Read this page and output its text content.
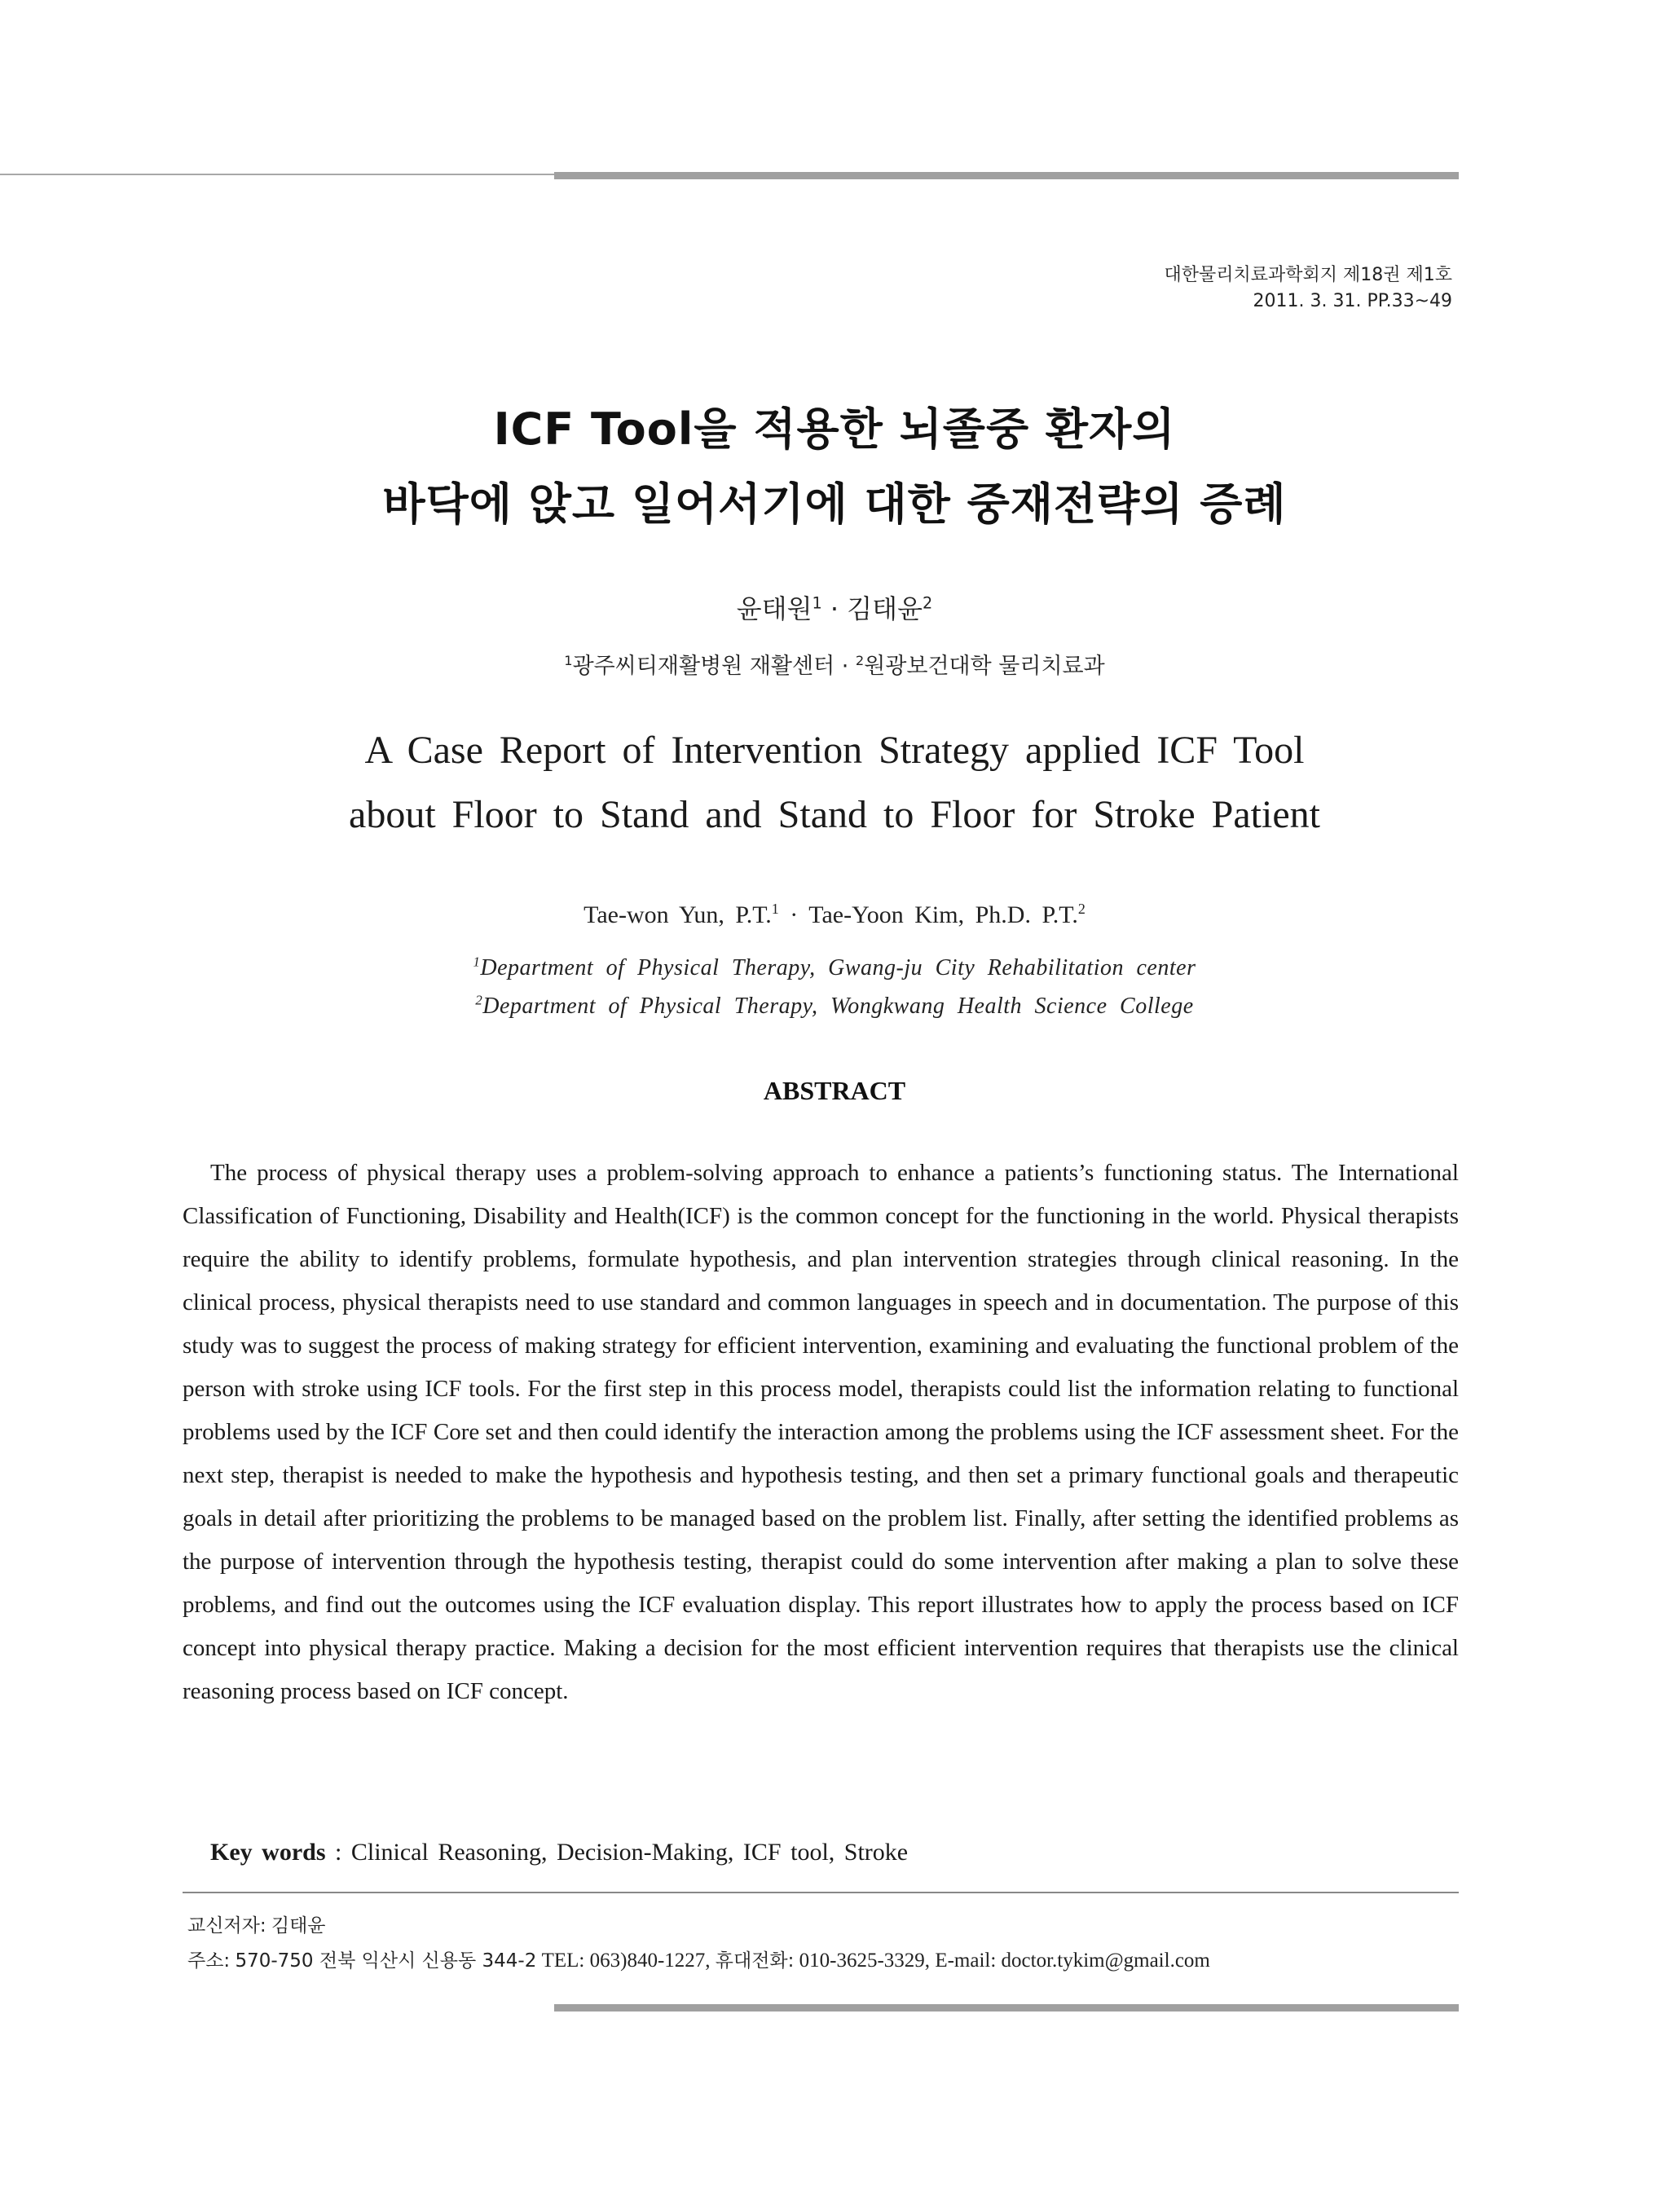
대한물리치료과학회지 제18권 제1호
2011. 3. 31. PP.33~49
ICF Tool을 적용한 뇌졸중 환자의
바닥에 앉고 일어서기에 대한 중재전략의 증례
윤태원$^1$ · 김태윤$^2$
$^1$광주씨티재활병원 재활센터 · $^2$원광보건대학 물리치료과
A Case Report of Intervention Strategy applied ICF Tool
about Floor to Stand and Stand to Floor for Stroke Patient
Tae-won Yun, P.T.$^1$ · Tae-Yoon Kim, Ph.D. P.T.$^2$
$^1$Department of Physical Therapy, Gwang-ju City Rehabilitation center
$^2$Department of Physical Therapy, Wongkwang Health Science College
ABSTRACT

The process of physical therapy uses a problem-solving approach to enhance a patients’s functioning status. The International Classification of Functioning, Disability and Health(ICF) is the common concept for the functioning in the world. Physical therapists require the ability to identify problems, formulate hypothesis, and plan intervention strategies through clinical reasoning. In the clinical process, physical therapists need to use standard and common languages in speech and in documentation. The purpose of this study was to suggest the process of making strategy for efficient intervention, examining and evaluating the functional problem of the person with stroke using ICF tools. For the first step in this process model, therapists could list the information relating to functional problems used by the ICF Core set and then could identify the interaction among the problems using the ICF assessment sheet. For the next step, therapist is needed to make the hypothesis and hypothesis testing, and then set a primary functional goals and therapeutic goals in detail after prioritizing the problems to be managed based on the problem list. Finally, after setting the identified problems as the purpose of intervention through the hypothesis testing, therapist could do some intervention after making a plan to solve these problems, and find out the outcomes using the ICF evaluation display. This report illustrates how to apply the process based on ICF concept into physical therapy practice. Making a decision for the most efficient intervention requires that therapists use the clinical reasoning process based on ICF concept.

Key words : Clinical Reasoning, Decision-Making, ICF tool, Stroke
교신저자: 김태윤
주소: 570-750 전북 익산시 신용동 344-2 TEL: 063)840-1227, 휴대전화: 010-3625-3329, E-mail: doctor.tykim@gmail.com
